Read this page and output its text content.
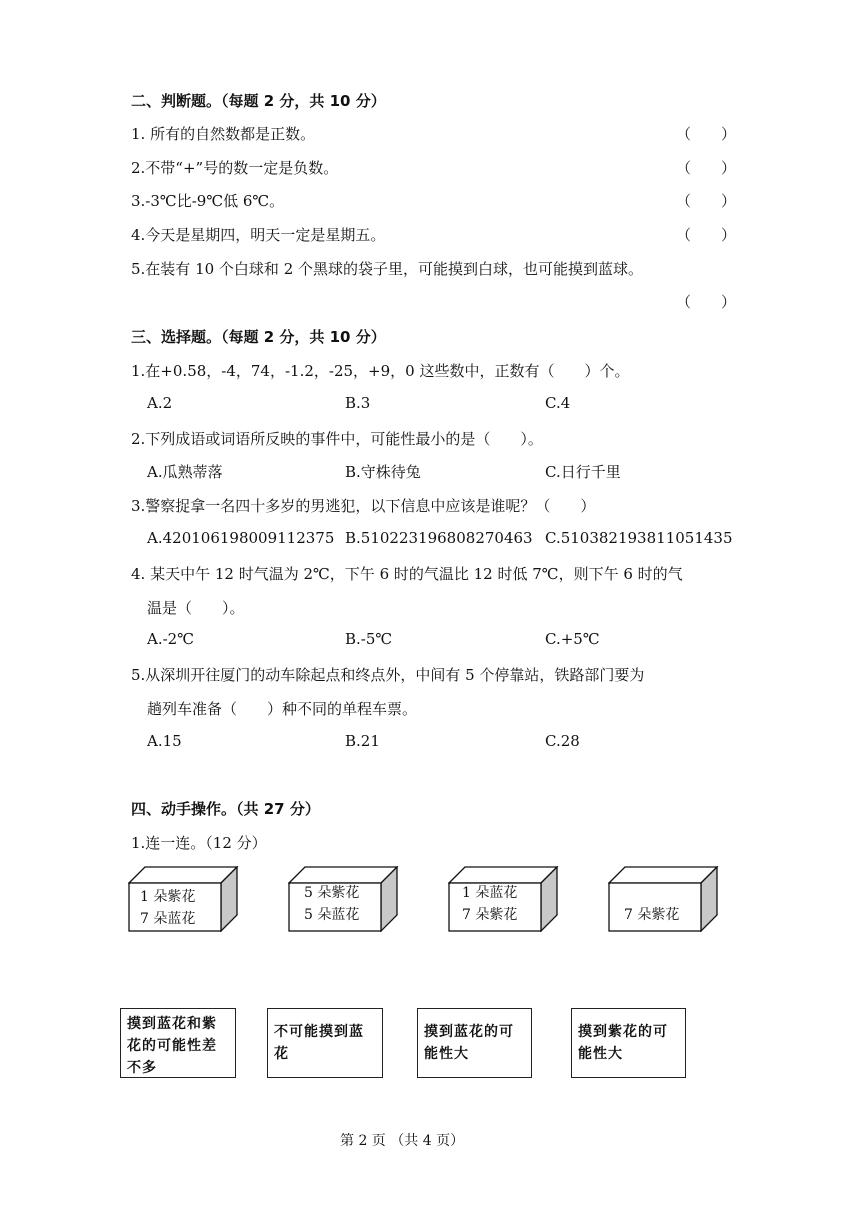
二、判断题。（每题 2 分，共 10 分）
1. 所有的自然数都是正数。	（　　）
2.不带“+”号的数一定是负数。	（　　）
3.-3℃比-9℃低 6℃。	（　　）
4.今天是星期四，明天一定是星期五。	（　　）
5.在装有 10 个白球和 2 个黑球的袋子里，可能摸到白球，也可能摸到蓝球。
（　　）
三、选择题。（每题 2 分，共 10 分）
1.在+0.58，-4，74，-1.2，-25，+9，0 这些数中，正数有（　　）个。
A.2	B.3	C.4
2.下列成语或词语所反映的事件中，可能性最小的是（　　）。
A.瓜熟蒂落	B.守株待兔	C.日行千里
3.警察捉拿一名四十多岁的男逃犯，以下信息中应该是谁呢？（　　）
A.420106198009112375 B.510223196808270463 C.510382193811051435
4. 某天中午 12 时气温为 2℃，下午 6 时的气温比 12 时低 7℃，则下午 6 时的气
温是（　　）。
A.-2℃	B.-5℃	C.+5℃
5.从深圳开往厦门的动车除起点和终点外，中间有 5 个停靠站，铁路部门要为
趟列车准备（　　）种不同的单程车票。
A.15	B.21	C.28
四、动手操作。（共 27 分）
1.连一连。（12 分）
1 朵紫花
7 朵蓝花
5 朵紫花
5 朵蓝花
1 朵蓝花
7 朵紫花	7 朵紫花
摸到蓝花和紫花的可能性差不多
不可能摸到蓝花
摸到蓝花的可能性大
摸到紫花的可能性大
第 2 页 （共 4 页）
